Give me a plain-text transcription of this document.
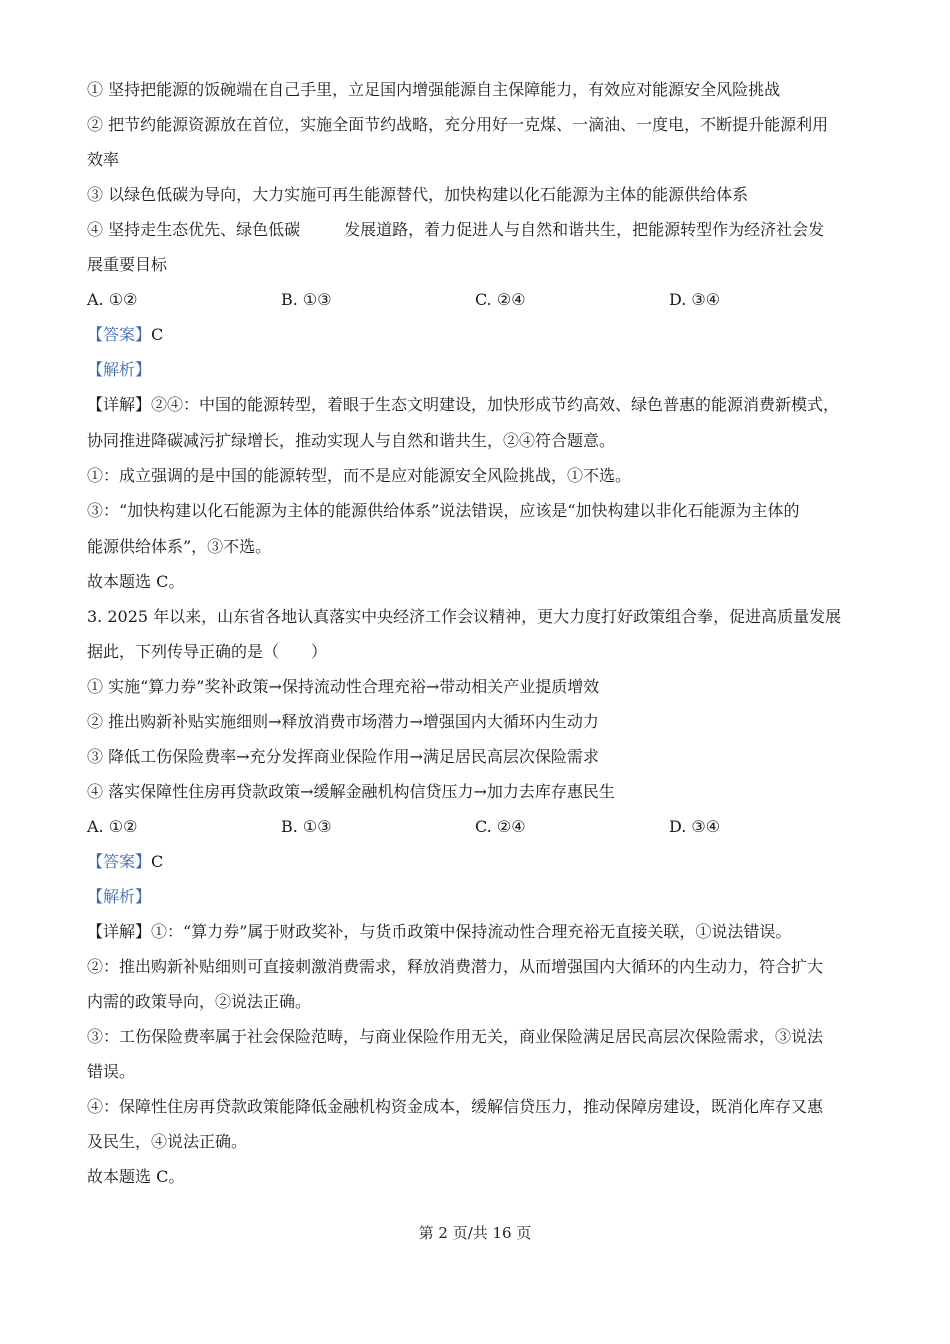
① 坚持把能源的饭碗端在自己手里，立足国内增强能源自主保障能力，有效应对能源安全风险挑战
② 把节约能源资源放在首位，实施全面节约战略，充分用好一克煤、一滴油、一度电，不断提升能源利用
效率
③ 以绿色低碳为导向，大力实施可再生能源替代，加快构建以化石能源为主体的能源供给体系
④ 坚持走生态优先、绿色低碳	发展道路，着力促进人与自然和谐共生，把能源转型作为经济社会发
展重要目标
A. ①②	B. ①③	C. ②④	D. ③④
【答案】C
【解析】
【详解】②④：中国的能源转型，着眼于生态文明建设，加快形成节约高效、绿色普惠的能源消费新模式，
协同推进降碳减污扩绿增长，推动实现人与自然和谐共生，②④符合题意。
①：成立强调的是中国的能源转型，而不是应对能源安全风险挑战，①不选。
③：“加快构建以化石能源为主体的能源供给体系”说法错误，应该是“加快构建以非化石能源为主体的
能源供给体系”，③不选。
故本题选 C。
3. 2025 年以来，山东省各地认真落实中央经济工作会议精神，更大力度打好政策组合拳，促进高质量发展
据此，下列传导正确的是（　　）
① 实施“算力券”奖补政策→保持流动性合理充裕→带动相关产业提质增效
② 推出购新补贴实施细则→释放消费市场潜力→增强国内大循环内生动力
③ 降低工伤保险费率→充分发挥商业保险作用→满足居民高层次保险需求
④ 落实保障性住房再贷款政策→缓解金融机构信贷压力→加力去库存惠民生
A. ①②	B. ①③	C. ②④	D. ③④
【答案】C
【解析】
【详解】①：“算力券”属于财政奖补，与货币政策中保持流动性合理充裕无直接关联，①说法错误。
②：推出购新补贴细则可直接刺激消费需求，释放消费潜力，从而增强国内大循环的内生动力，符合扩大
内需的政策导向，②说法正确。
③：工伤保险费率属于社会保险范畴，与商业保险作用无关，商业保险满足居民高层次保险需求，③说法
错误。
④：保障性住房再贷款政策能降低金融机构资金成本，缓解信贷压力，推动保障房建设，既消化库存又惠
及民生，④说法正确。
故本题选 C。
第 2 页/共 16 页
